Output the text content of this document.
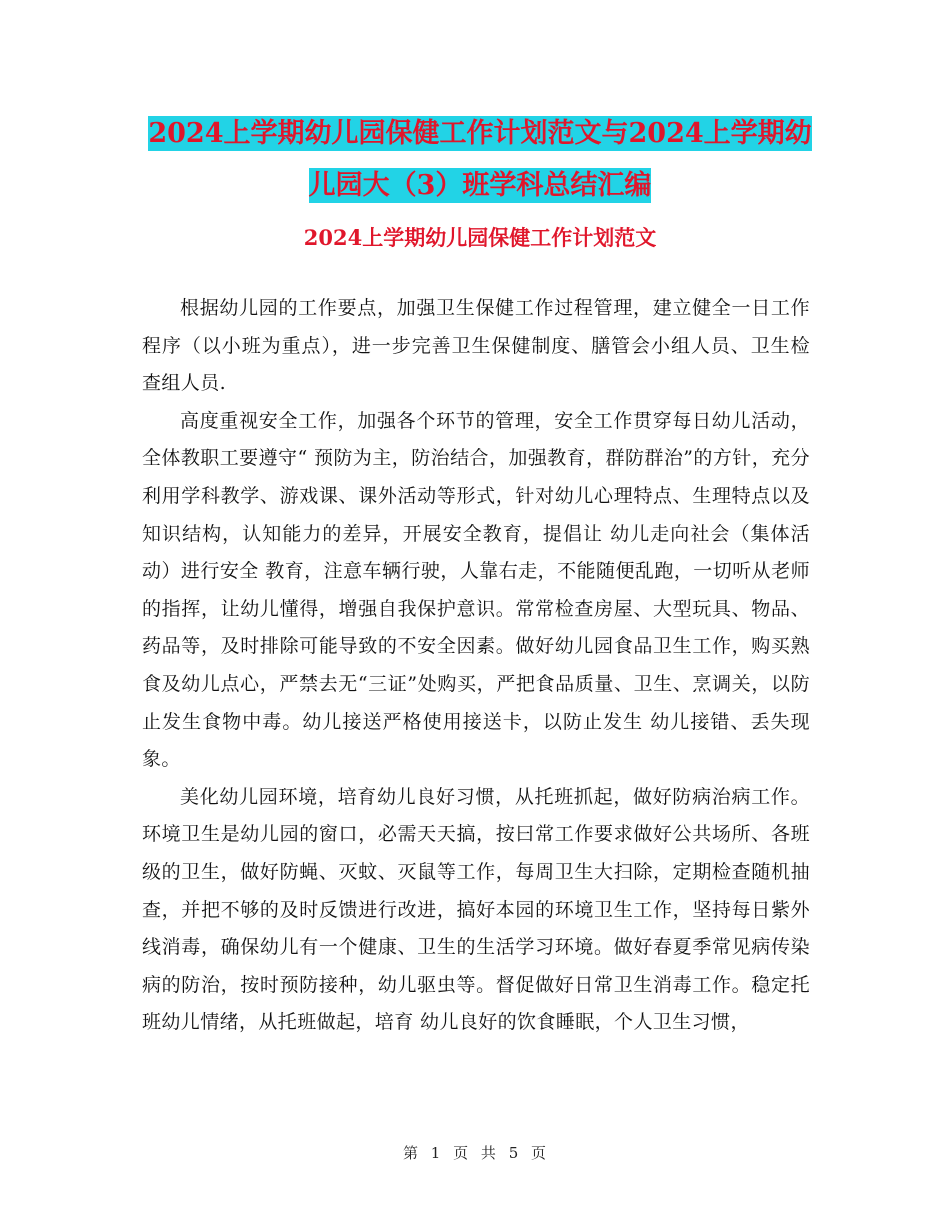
2024上学期幼儿园保健工作计划范文与2024上学期幼
儿园大（3）班学科总结汇编
2024上学期幼儿园保健工作计划范文

根据幼儿园的工作要点，加强卫生保健工作过程管理，建立健全一日工作程序（以小班为重点），进一步完善卫生保健制度、膳管会小组人员、卫生检查组人员.

高度重视安全工作，加强各个环节的管理，安全工作贯穿每日幼儿活动，全体教职工要遵守“ 预防为主，防治结合，加强教育，群防群治”的方针，充分利用学科教学、游戏课、课外活动等形式，针对幼儿心理特点、生理特点以及知识结构，认知能力的差异，开展安全教育，提倡让 幼儿走向社会（集体活动）进行安全 教育，注意车辆行驶，人靠右走，不能随便乱跑，一切听从老师的指挥，让幼儿懂得，增强自我保护意识。常常检查房屋、大型玩具、物品、药品等，及时排除可能导致的不安全因素。做好幼儿园食品卫生工作，购买熟食及幼儿点心，严禁去无“三证”处购买，严把食品质量、卫生、烹调关，以防止发生食物中毒。幼儿接送严格使用接送卡，以防止发生 幼儿接错、丢失现象。

美化幼儿园环境，培育幼儿良好习惯，从托班抓起，做好防病治病工作。环境卫生是幼儿园的窗口，必需天天搞，按曰常工作要求做好公共场所、各班级的卫生，做好防蝇、灭蚊、灭鼠等工作，每周卫生大扫除，定期检查随机抽查，并把不够的及时反馈进行改进，搞好本园的环境卫生工作，坚持每日紫外线消毒，确保幼儿有一个健康、卫生的生活学习环境。做好春夏季常见病传染病的防治，按时预防接种，幼儿驱虫等。督促做好日常卫生消毒工作。稳定托班幼儿情绪，从托班做起，培育 幼儿良好的饮食睡眠，个人卫生习惯，

第 1 页 共 5 页
